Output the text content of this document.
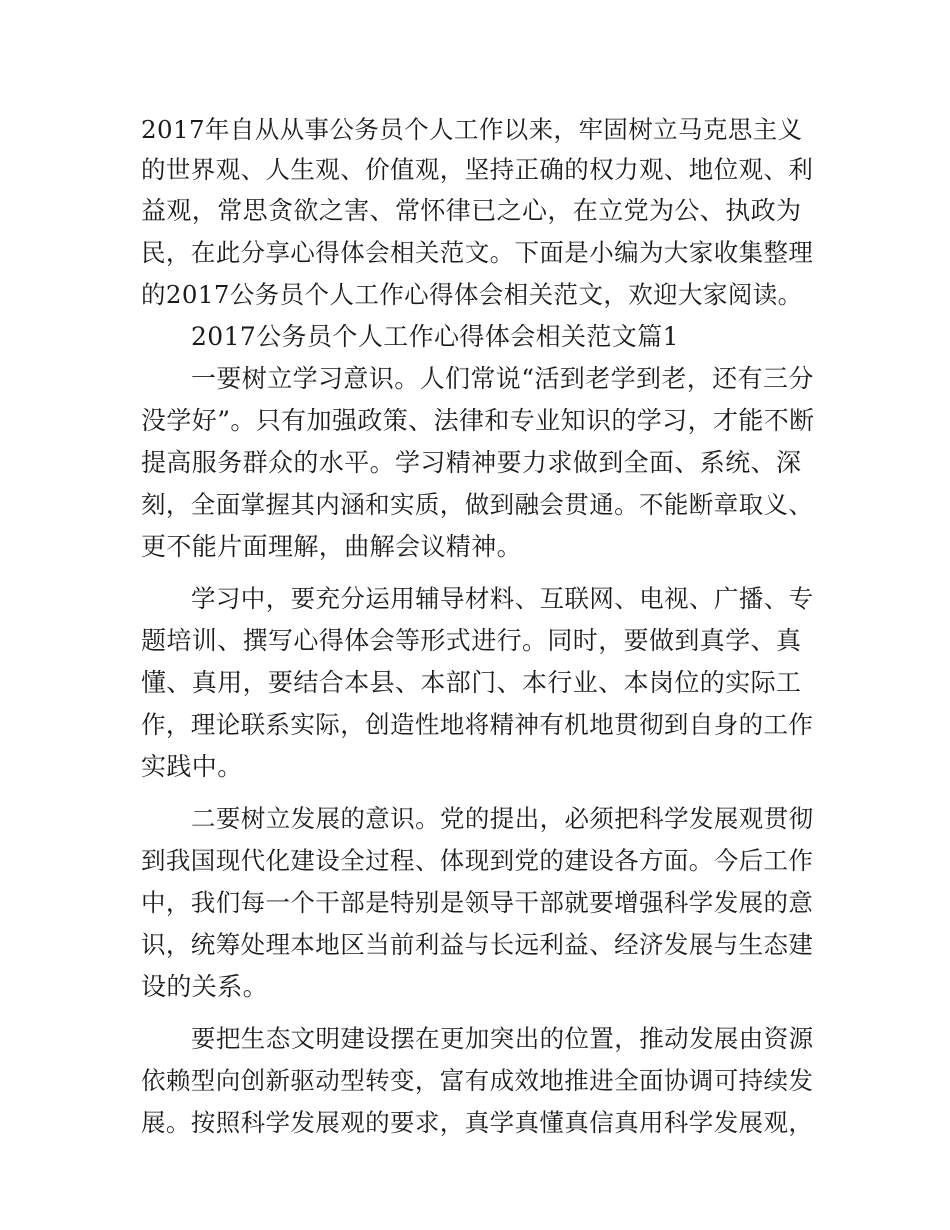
2017年自从从事公务员个人工作以来，牢固树立马克思主义
的世界观、人生观、价值观，坚持正确的权力观、地位观、利
益观，常思贪欲之害、常怀律已之心，在立党为公、执政为
民，在此分享心得体会相关范文。下面是小编为大家收集整理
的2017公务员个人工作心得体会相关范文，欢迎大家阅读。
2017公务员个人工作心得体会相关范文篇1
一要树立学习意识。人们常说“活到老学到老，还有三分
没学好”。只有加强政策、法律和专业知识的学习，才能不断
提高服务群众的水平。学习精神要力求做到全面、系统、深
刻，全面掌握其内涵和实质，做到融会贯通。不能断章取义、
更不能片面理解，曲解会议精神。
学习中，要充分运用辅导材料、互联网、电视、广播、专
题培训、撰写心得体会等形式进行。同时，要做到真学、真
懂、真用，要结合本县、本部门、本行业、本岗位的实际工
作，理论联系实际，创造性地将精神有机地贯彻到自身的工作
实践中。
二要树立发展的意识。党的提出，必须把科学发展观贯彻
到我国现代化建设全过程、体现到党的建设各方面。今后工作
中，我们每一个干部是特别是领导干部就要增强科学发展的意
识，统筹处理本地区当前利益与长远利益、经济发展与生态建
设的关系。
要把生态文明建设摆在更加突出的位置，推动发展由资源
依赖型向创新驱动型转变，富有成效地推进全面协调可持续发
展。按照科学发展观的要求，真学真懂真信真用科学发展观，
